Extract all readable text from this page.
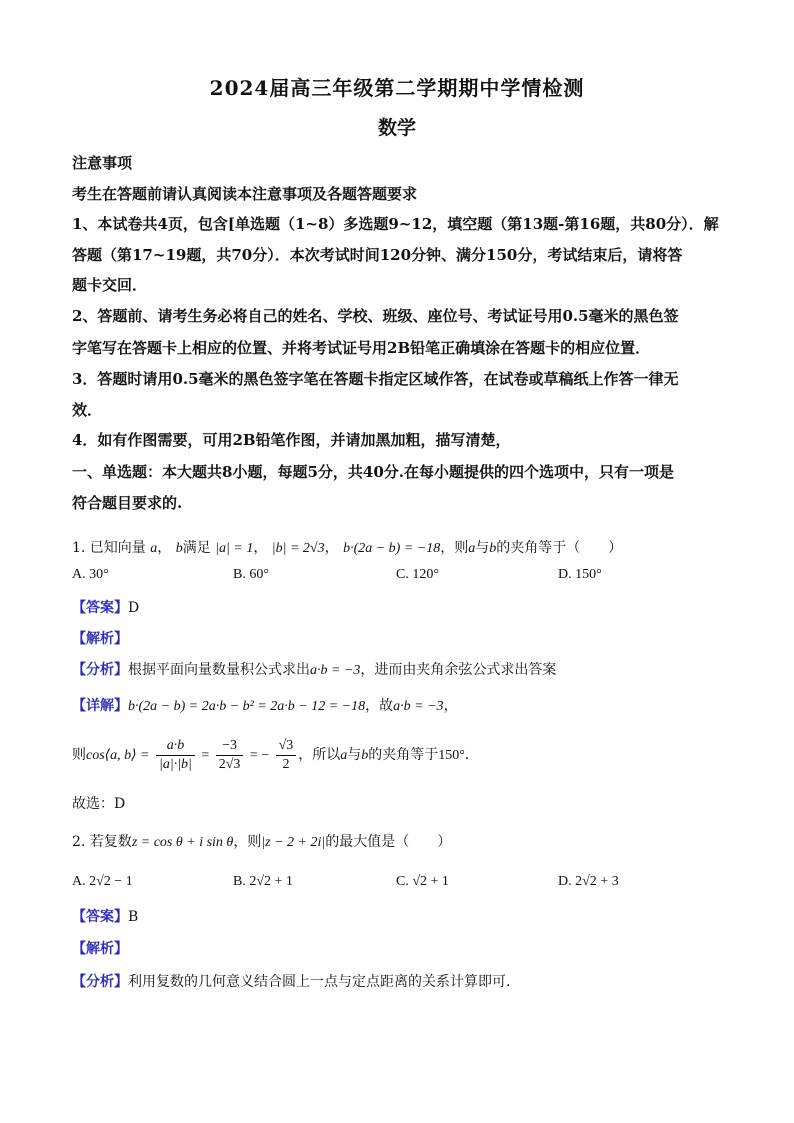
2024届高三年级第二学期期中学情检测
数学
注意事项
考生在答题前请认真阅读本注意事项及各题答题要求
1、本试卷共4页，包含[单选题（1~8）多选题9~12，填空题（第13题-第16题，共80分）．解
答题（第17~19题，共70分）．本次考试时间120分钟、满分150分，考试结束后，请将答
题卡交回．
2、答题前、请考生务必将自己的姓名、学校、班级、座位号、考试证号用0.5毫米的黑色签
字笔写在答题卡上相应的位置、并将考试证号用2B铅笔正确填涂在答题卡的相应位置．
3．答题时请用0.5毫米的黑色签字笔在答题卡指定区域作答，在试卷或草稿纸上作答一律无
效．
4．如有作图需要，可用2B铅笔作图，并请加黑加粗，描写清楚，
一、单选题：本大题共8小题，每题5分，共40分.在每小题提供的四个选项中，只有一项是
符合题目要求的.
1. 已知向量 a， b满足 |a| = 1， |b| = 2√3， b·(2a − b) = −18，则a与b的夹角等于（　　）
A. 30°	B. 60°	C. 120°	D. 150°
【答案】D
【解析】
【分析】根据平面向量数量积公式求出a·b = −3，进而由夹角余弦公式求出答案
【详解】b·(2a − b) = 2a·b − b² = 2a·b − 12 = −18，故a·b = −3，
则cos⟨a, b⟩ = $\frac{a\cdot b}{|a|\cdot|b|} = \frac{-3}{2√3}$ = − $\frac{√3}{2}$ ，所以a与b的夹角等于150°．
故选：D
2. 若复数z = cos θ + i sin θ，则|z − 2 + 2i|的最大值是（　　）
A. 2√2 − 1	B. 2√2 + 1	C. √2 + 1	D. 2√2 + 3
【答案】B
【解析】
【分析】利用复数的几何意义结合圆上一点与定点距离的关系计算即可.
